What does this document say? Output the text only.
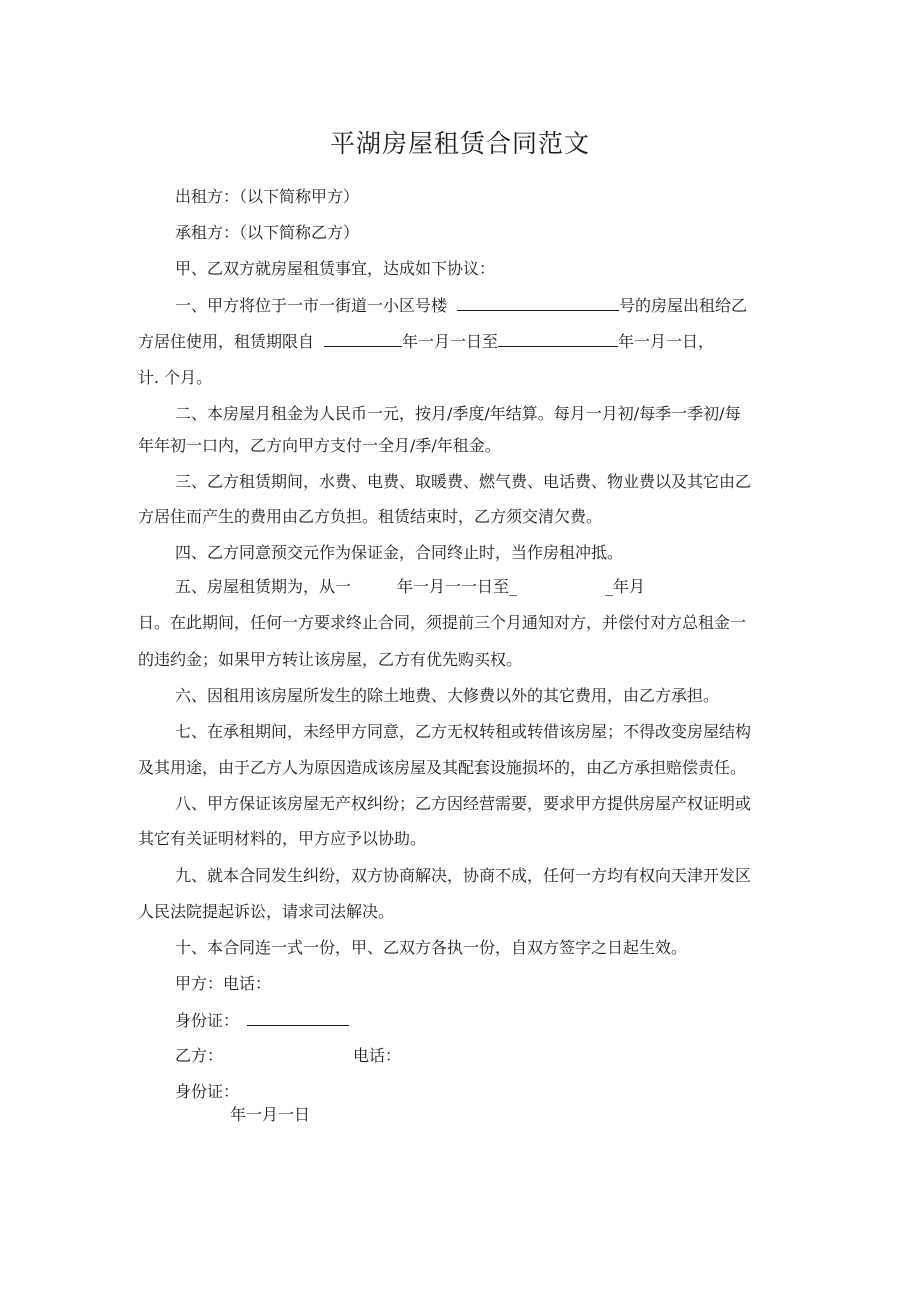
平湖房屋租赁合同范文
出租方：（以下简称甲方）
承租方：（以下简称乙方）
甲、乙双方就房屋租赁事宜，达成如下协议：
一、甲方将位于一市一街道一小区号楼	号的房屋出租给乙
方居住使用，租赁期限自	年一月一日至	年一月一日，
计. 个月。
二、本房屋月租金为人民币一元，按月/季度/年结算。每月一月初/每季一季初/每
年年初一口内，乙方向甲方支付一全月/季/年租金。
三、乙方租赁期间，水费、电费、取暖费、燃气费、电话费、物业费以及其它由乙
方居住而产生的费用由乙方负担。租赁结束时，乙方须交清欠费。
四、乙方同意预交元作为保证金，合同终止时，当作房租冲抵。
五、房屋租赁期为，从一	年一月一一日至_	_年月
日。在此期间，任何一方要求终止合同，须提前三个月通知对方，并偿付对方总租金一
的违约金；如果甲方转让该房屋，乙方有优先购买权。
六、因租用该房屋所发生的除土地费、大修费以外的其它费用，由乙方承担。
七、在承租期间，未经甲方同意，乙方无权转租或转借该房屋；不得改变房屋结构
及其用途，由于乙方人为原因造成该房屋及其配套设施损坏的，由乙方承担赔偿责任。
八、甲方保证该房屋无产权纠纷；乙方因经营需要，要求甲方提供房屋产权证明或
其它有关证明材料的，甲方应予以协助。
九、就本合同发生纠纷，双方协商解决，协商不成，任何一方均有权向天津开发区
人民法院提起诉讼，请求司法解决。
十、本合同连一式一份，甲、乙双方各执一份，自双方签字之日起生效。
甲方：电话：
身份证：
乙方：	电话：
身份证：
年一月一日
